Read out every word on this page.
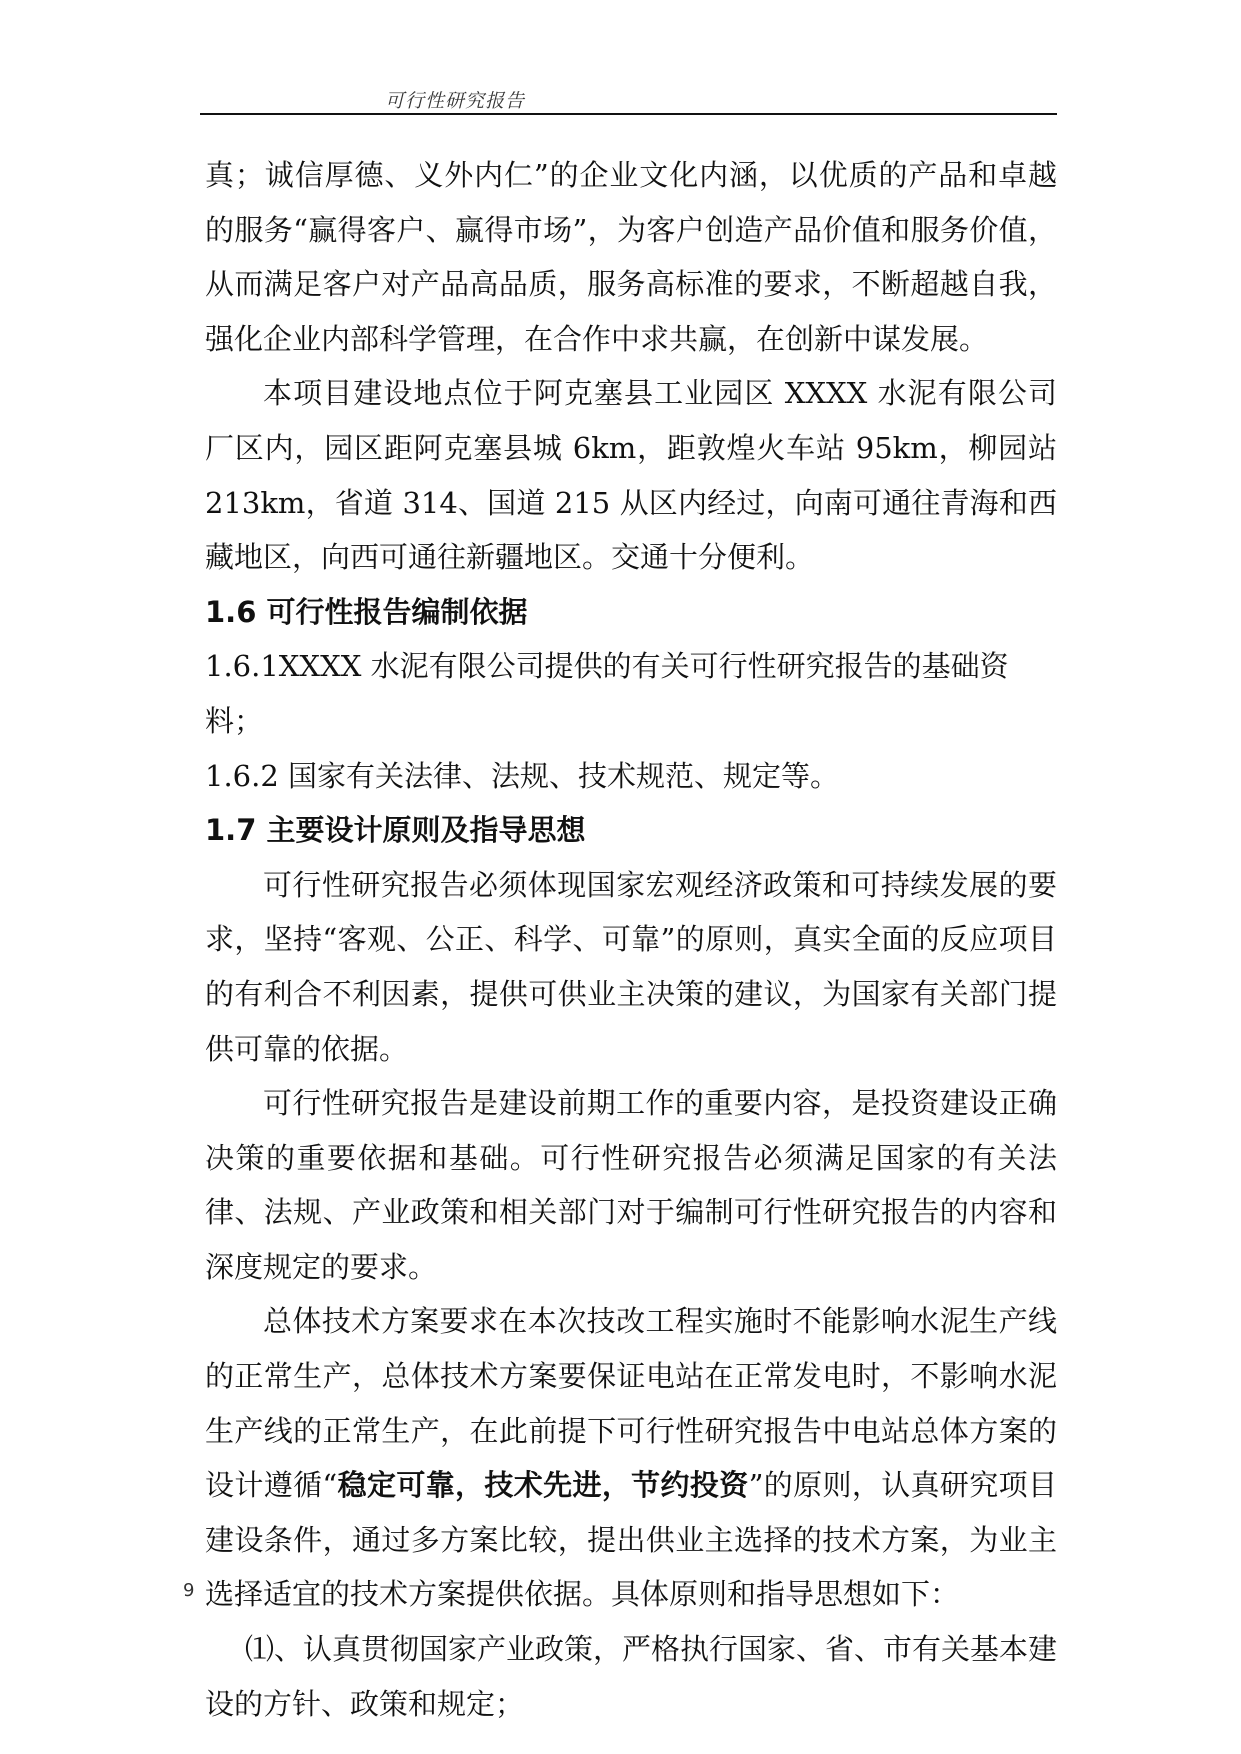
可行性研究报告

真；诚信厚德、义外内仁”的企业文化内涵，以优质的产品和卓越的服务“赢得客户、赢得市场”，为客户创造产品价值和服务价值，从而满足客户对产品高品质，服务高标准的要求，不断超越自我，强化企业内部科学管理，在合作中求共赢，在创新中谋发展。

本项目建设地点位于阿克塞县工业园区 XXXX 水泥有限公司厂区内，园区距阿克塞县城 6km，距敦煌火车站 95km，柳园站 213km，省道 314、国道 215 从区内经过，向南可通往青海和西藏地区，向西可通往新疆地区。交通十分便利。

1.6 可行性报告编制依据

1.6.1XXXX 水泥有限公司提供的有关可行性研究报告的基础资料；

1.6.2 国家有关法律、法规、技术规范、规定等。

1.7 主要设计原则及指导思想

可行性研究报告必须体现国家宏观经济政策和可持续发展的要求，坚持“客观、公正、科学、可靠”的原则，真实全面的反应项目的有利合不利因素，提供可供业主决策的建议，为国家有关部门提供可靠的依据。

可行性研究报告是建设前期工作的重要内容，是投资建设正确决策的重要依据和基础。可行性研究报告必须满足国家的有关法律、法规、产业政策和相关部门对于编制可行性研究报告的内容和深度规定的要求。

总体技术方案要求在本次技改工程实施时不能影响水泥生产线的正常生产，总体技术方案要保证电站在正常发电时，不影响水泥生产线的正常生产，在此前提下可行性研究报告中电站总体方案的设计遵循“稳定可靠，技术先进，节约投资”的原则，认真研究项目建设条件，通过多方案比较，提出供业主选择的技术方案，为业主选择适宜的技术方案提供依据。具体原则和指导思想如下：

⑴、认真贯彻国家产业政策，严格执行国家、省、市有关基本建设的方针、政策和规定；

9
